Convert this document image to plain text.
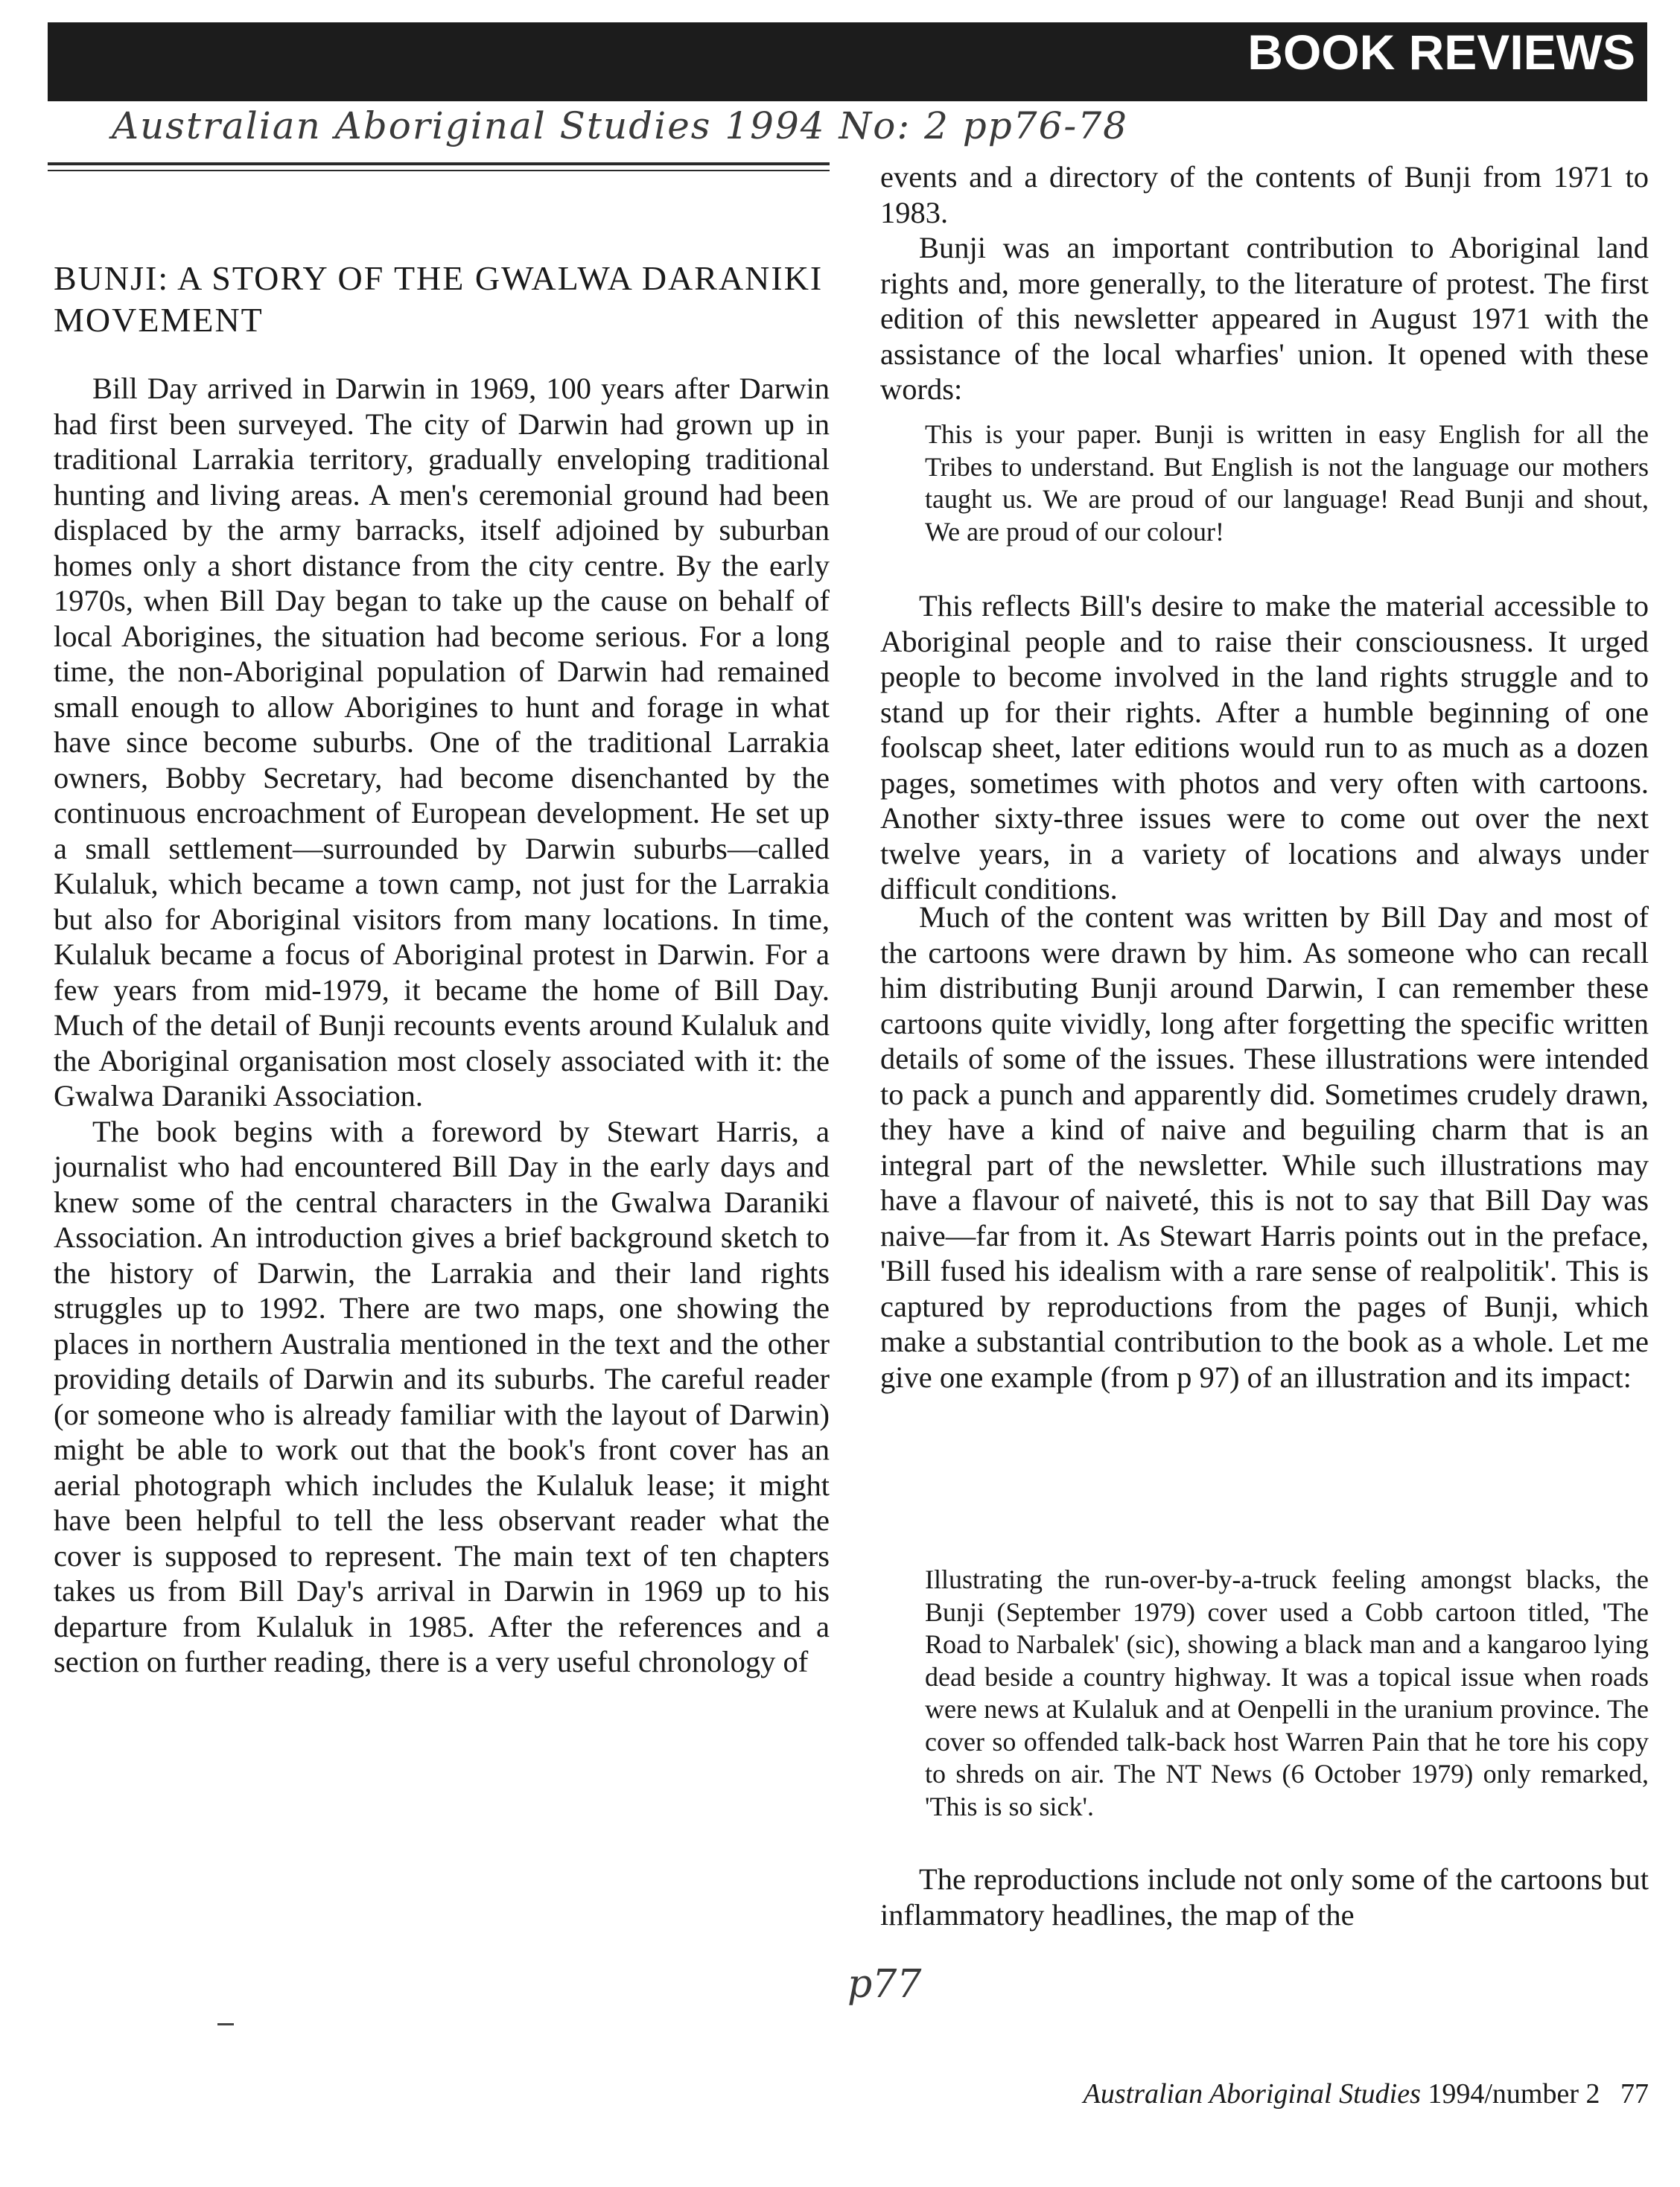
BOOK REVIEWS
Australian Aboriginal Studies 1994 No: 2 pp76-78
BUNJI: A STORY OF THE GWALWA DARANIKI MOVEMENT

Bill Day arrived in Darwin in 1969, 100 years after Darwin had first been surveyed. The city of Darwin had grown up in traditional Larrakia territory, gradually enveloping traditional hunting and living areas. A men's ceremonial ground had been displaced by the army barracks, itself adjoined by suburban homes only a short distance from the city centre. By the early 1970s, when Bill Day began to take up the cause on behalf of local Aborigines, the situation had become serious. For a long time, the non-Aboriginal population of Darwin had remained small enough to allow Aborigines to hunt and forage in what have since become suburbs. One of the traditional Larrakia owners, Bobby Secretary, had become disenchanted by the continuous encroachment of European development. He set up a small settlement—surrounded by Darwin suburbs—called Kulaluk, which became a town camp, not just for the Larrakia but also for Aboriginal visitors from many locations. In time, Kulaluk became a focus of Aboriginal protest in Darwin. For a few years from mid-1979, it became the home of Bill Day. Much of the detail of Bunji recounts events around Kulaluk and the Aboriginal organisation most closely associated with it: the Gwalwa Daraniki Association.

The book begins with a foreword by Stewart Harris, a journalist who had encountered Bill Day in the early days and knew some of the central characters in the Gwalwa Daraniki Association. An introduction gives a brief background sketch to the history of Darwin, the Larrakia and their land rights struggles up to 1992. There are two maps, one showing the places in northern Australia mentioned in the text and the other providing details of Darwin and its suburbs. The careful reader (or someone who is already familiar with the layout of Darwin) might be able to work out that the book's front cover has an aerial photograph which includes the Kulaluk lease; it might have been helpful to tell the less observant reader what the cover is supposed to represent. The main text of ten chapters takes us from Bill Day's arrival in Darwin in 1969 up to his departure from Kulaluk in 1985. After the references and a section on further reading, there is a very useful chronology of

events and a directory of the contents of Bunji from 1971 to 1983.

Bunji was an important contribution to Aboriginal land rights and, more generally, to the literature of protest. The first edition of this newsletter appeared in August 1971 with the assistance of the local wharfies' union. It opened with these words:

This is your paper. Bunji is written in easy English for all the Tribes to understand. But English is not the language our mothers taught us. We are proud of our language! Read Bunji and shout, We are proud of our colour!

This reflects Bill's desire to make the material accessible to Aboriginal people and to raise their consciousness. It urged people to become involved in the land rights struggle and to stand up for their rights. After a humble beginning of one foolscap sheet, later editions would run to as much as a dozen pages, sometimes with photos and very often with cartoons. Another sixty-three issues were to come out over the next twelve years, in a variety of locations and always under difficult conditions.

Much of the content was written by Bill Day and most of the cartoons were drawn by him. As someone who can recall him distributing Bunji around Darwin, I can remember these cartoons quite vividly, long after forgetting the specific written details of some of the issues. These illustrations were intended to pack a punch and apparently did. Sometimes crudely drawn, they have a kind of naive and beguiling charm that is an integral part of the newsletter. While such illustrations may have a flavour of naiveté, this is not to say that Bill Day was naive—far from it. As Stewart Harris points out in the preface, 'Bill fused his idealism with a rare sense of realpolitik'. This is captured by reproductions from the pages of Bunji, which make a substantial contribution to the book as a whole. Let me give one example (from p 97) of an illustration and its impact:

Illustrating the run-over-by-a-truck feeling amongst blacks, the Bunji (September 1979) cover used a Cobb cartoon titled, 'The Road to Narbalek' (sic), showing a black man and a kangaroo lying dead beside a country highway. It was a topical issue when roads were news at Kulaluk and at Oenpelli in the uranium province. The cover so offended talk-back host Warren Pain that he tore his copy to shreds on air. The NT News (6 October 1979) only remarked, 'This is so sick'.

The reproductions include not only some of the cartoons but inflammatory headlines, the map of the

p77
Australian Aboriginal Studies 1994/number 2 77
